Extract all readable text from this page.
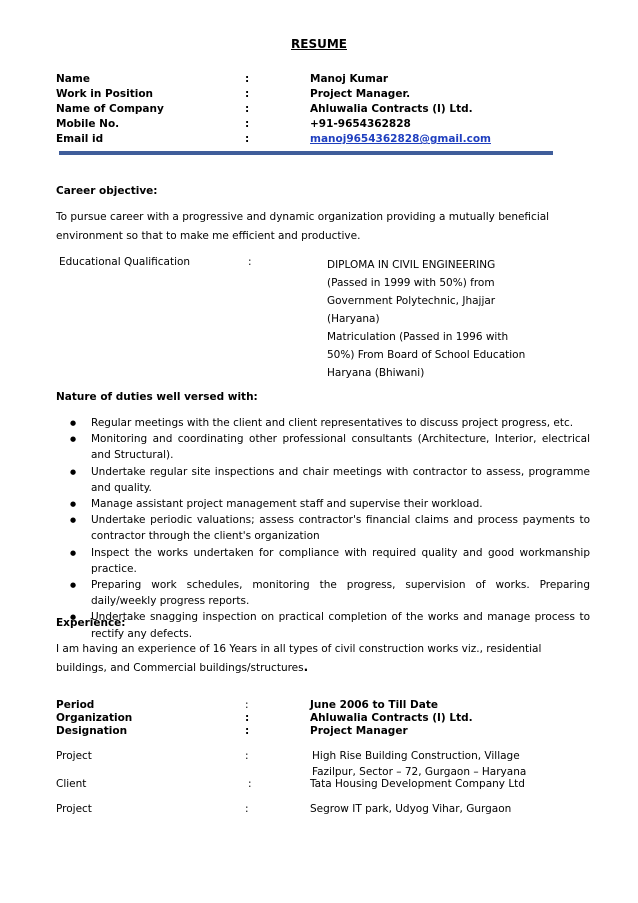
RESUME
Name	:	Manoj Kumar
Work in Position	:	Project Manager.
Name of Company	:	Ahluwalia Contracts (I) Ltd.
Mobile No.	:	+91-9654362828
Email id	:	manoj9654362828@gmail.com
Career objective:
To pursue career with a progressive and dynamic organization providing a mutually beneficial
environment so that to make me efficient and productive.
Educational Qualification	:	DIPLOMA IN CIVIL ENGINEERING
(Passed in 1999 with 50%) from
Government Polytechnic, Jhajjar
(Haryana)
Matriculation (Passed in 1996 with
50%) From Board of School Education
Haryana (Bhiwani)
Nature of duties well versed with:
● Regular meetings with the client and client representatives to discuss project progress, etc.
● Monitoring and coordinating other professional consultants (Architecture, Interior, electrical and Structural).
● Undertake regular site inspections and chair meetings with contractor to assess, programme and quality.
● Manage assistant project management staff and supervise their workload.
● Undertake periodic valuations; assess contractor's financial claims and process payments to contractor through the client's organization
● Inspect the works undertaken for compliance with required quality and good workmanship practice.
● Preparing work schedules, monitoring the progress, supervision of works. Preparing daily/weekly progress reports.
● Undertake snagging inspection on practical completion of the works and manage process to rectify any defects.
Experience:
I am having an experience of 16 Years in all types of civil construction works viz., residential
buildings, and Commercial buildings/structures.
Period	:	June 2006 to Till Date
Organization	:	Ahluwalia Contracts (I) Ltd.
Designation	:	Project Manager
Project	:	High Rise Building Construction, Village
Fazilpur, Sector – 72, Gurgaon – Haryana
Client	:	Tata Housing Development Company Ltd
Project	:	Segrow IT park, Udyog Vihar, Gurgaon
